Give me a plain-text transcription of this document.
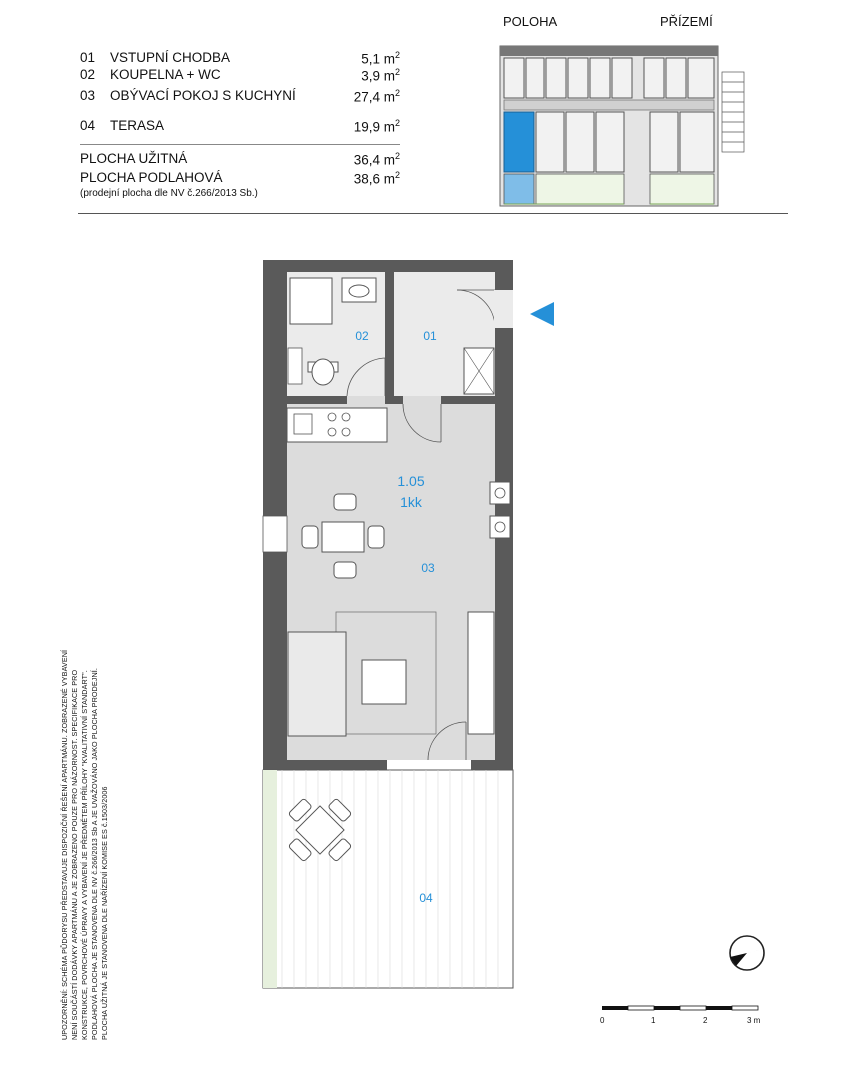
01 VSTUPNÍ CHODBA	5,1 $m^2$
02 KOUPELNA + WC	3,9 $m^2$
03 OBÝVACÍ POKOJ S KUCHYNÍ	27,4 $m^2$
04 TERASA	19,9 $m^2$
PLOCHA UŽITNÁ	36,4 $m^2$
PLOCHA PODLAHOVÁ	38,6 $m^2$
(prodejní plocha dle NV č.266/2013 Sb.)
POLOHA	PŘÍZEMÍ
01
02
03
04
1.05
1kk
0	1	2	3 m
UPOZORNĚNÍ: SCHÉMA PŮDORYSU PŘEDSTAVUJE DISPOZIČNÍ ŘEŠENÍ APARTMÁNU. ZOBRAZENÉ VYBAVENÍ NENÍ SOUČÁSTÍ DODÁVKY APARTMÁNU A JE ZOBRAZENO POUZE PRO NÁZORNOST. SPECIFIKACE PRO KONSTRUKCE, POVRCHOVÉ ÚPRAVY A VYBAVENÍ JE PŘEDMĚTEM PŘÍLOHY "KVALITATIVNÍ STANDART". PODLAHOVÁ PLOCHA JE STANOVENA DLE NV č.266/2013 Sb A JE UVAŽOVÁNO JAKO PLOCHA PRODEJNÍ. PLOCHA UŽITNÁ JE STANOVENA DLE NAŘÍZENÍ KOMISE ES č.1503/2006
